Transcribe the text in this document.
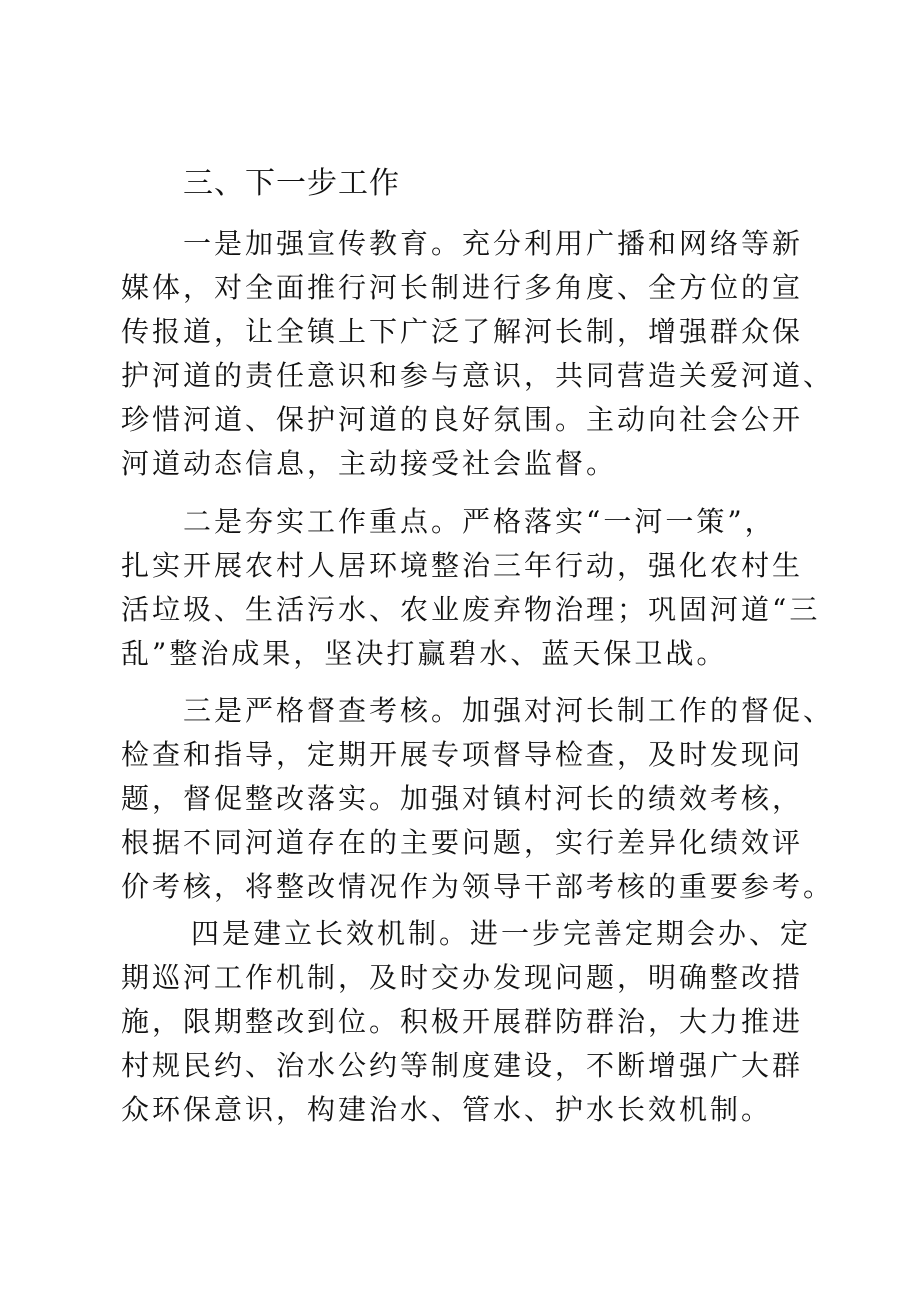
三、下一步工作
一是加强宣传教育。充分利用广播和网络等新
媒体，对全面推行河长制进行多角度、全方位的宣
传报道，让全镇上下广泛了解河长制，增强群众保
护河道的责任意识和参与意识，共同营造关爱河道、
珍惜河道、保护河道的良好氛围。主动向社会公开
河道动态信息，主动接受社会监督。
二是夯实工作重点。严格落实“一河一策”，
扎实开展农村人居环境整治三年行动，强化农村生
活垃圾、生活污水、农业废弃物治理；巩固河道“三
乱”整治成果，坚决打赢碧水、蓝天保卫战。
三是严格督查考核。加强对河长制工作的督促、
检查和指导，定期开展专项督导检查，及时发现问
题，督促整改落实。加强对镇村河长的绩效考核，
根据不同河道存在的主要问题，实行差异化绩效评
价考核，将整改情况作为领导干部考核的重要参考。
四是建立长效机制。进一步完善定期会办、定
期巡河工作机制，及时交办发现问题，明确整改措
施，限期整改到位。积极开展群防群治，大力推进
村规民约、治水公约等制度建设，不断增强广大群
众环保意识，构建治水、管水、护水长效机制。
